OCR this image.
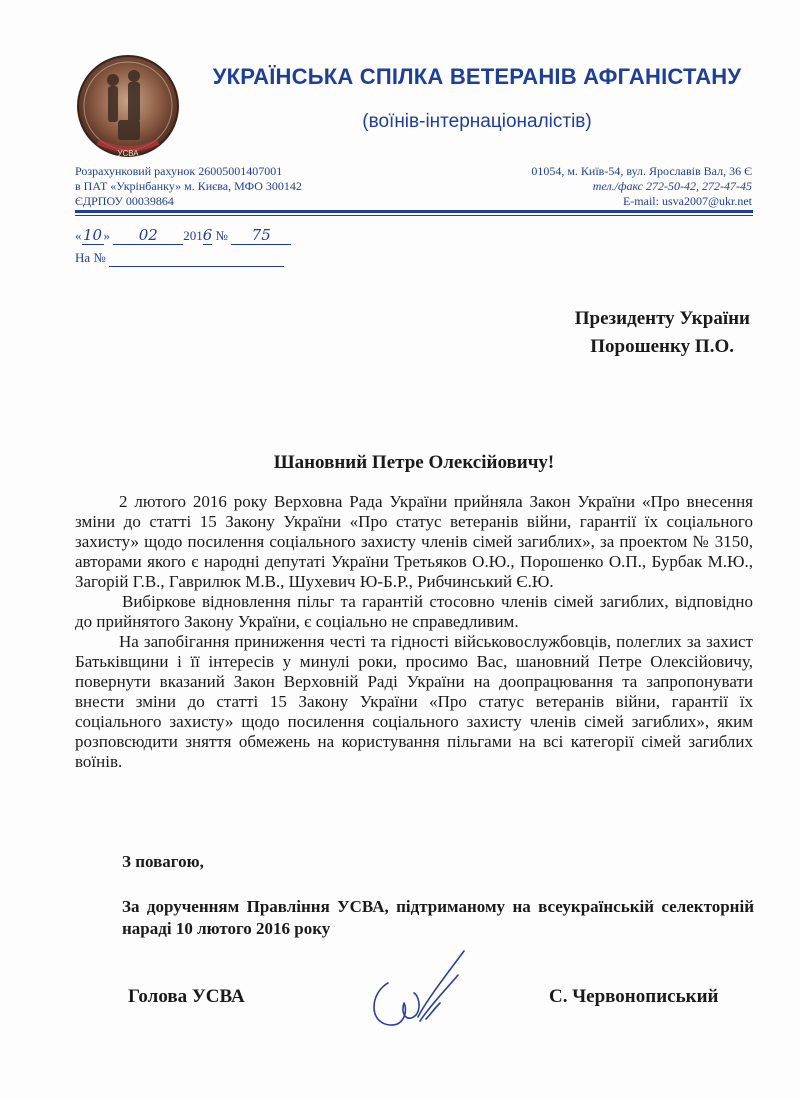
УСВА
УКРАЇНСЬКА СПІЛКА ВЕТЕРАНІВ АФГАНІСТАНУ
(воїнів-інтернаціоналістів)
Розрахунковий рахунок 26005001407001
в ПАТ «Укрінбанку» м. Києва, МФО 300142
ЄДРПОУ 00039864
01054, м. Київ-54, вул. Ярославів Вал, 36 Є
тел./факс 272-50-42, 272-47-45
E-mail: usva2007@ukr.net
«10» 02 2016 № 75
На №
Президенту України
Порошенку П.О.
Шановний Петре Олексійовичу!

2 лютого 2016 року Верховна Рада України прийняла Закон України «Про внесення зміни до статті 15 Закону України «Про статус ветеранів війни, гарантії їх соціального захисту» щодо посилення соціального захисту членів сімей загиблих», за проектом № 3150, авторами якого є народні депутаті України Третьяков О.Ю., Порошенко О.П., Бурбак М.Ю., Загорій Г.В., Гаврилюк М.В., Шухевич Ю-Б.Р., Рибчинський Є.Ю.

Вибіркове відновлення пільг та гарантій стосовно членів сімей загиблих, відповідно до прийнятого Закону України, є соціально не справедливим.

На запобігання приниження честі та гідності військовослужбовців, полеглих за захист Батьківщини і її інтересів у минулі роки, просимо Вас, шановний Петре Олексійовичу, повернути вказаний Закон Верховній Раді України на доопрацювання та запропонувати внести зміни до статті 15 Закону України «Про статус ветеранів війни, гарантії їх соціального захисту» щодо посилення соціального захисту членів сімей загиблих», яким розповсюдити зняття обмежень на користування пільгами на всі категорії сімей загиблих воїнів.

З повагою,
За дорученням Правління УСВА, підтриманому на всеукраїнській селекторній нараді 10 лютого 2016 року
Голова УСВА	С. Червонописький
